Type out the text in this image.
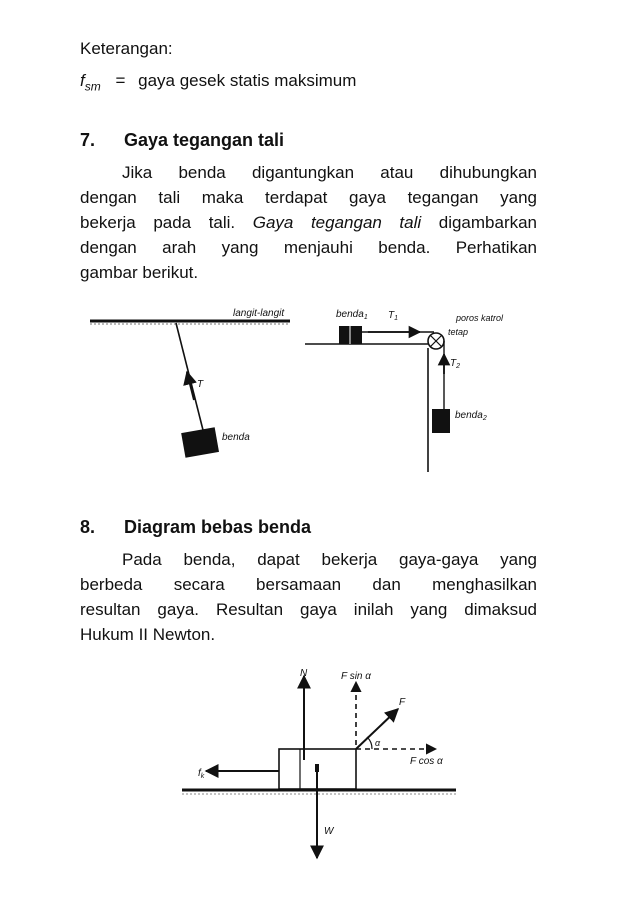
Keterangan:
$f_{sm}$ = gaya gesek statis maksimum
7. Gaya tegangan tali
Jika benda digantungkan atau dihubungkan
dengan tali maka terdapat gaya tegangan yang
bekerja pada tali. Gaya tegangan tali digambarkan
dengan arah yang menjauhi benda. Perhatikan
gambar berikut.
8. Diagram bebas benda
Pada benda, dapat bekerja gaya-gaya yang
berbeda secara bersamaan dan menghasilkan
resultan gaya. Resultan gaya inilah yang dimaksud
Hukum II Newton.
langit-langit
T
benda
benda$_1$ $T_1$	poros katrol
tetap
$T_2$
benda$_2$
N	F sin α
F
α
F cos α
$f_k$
W
